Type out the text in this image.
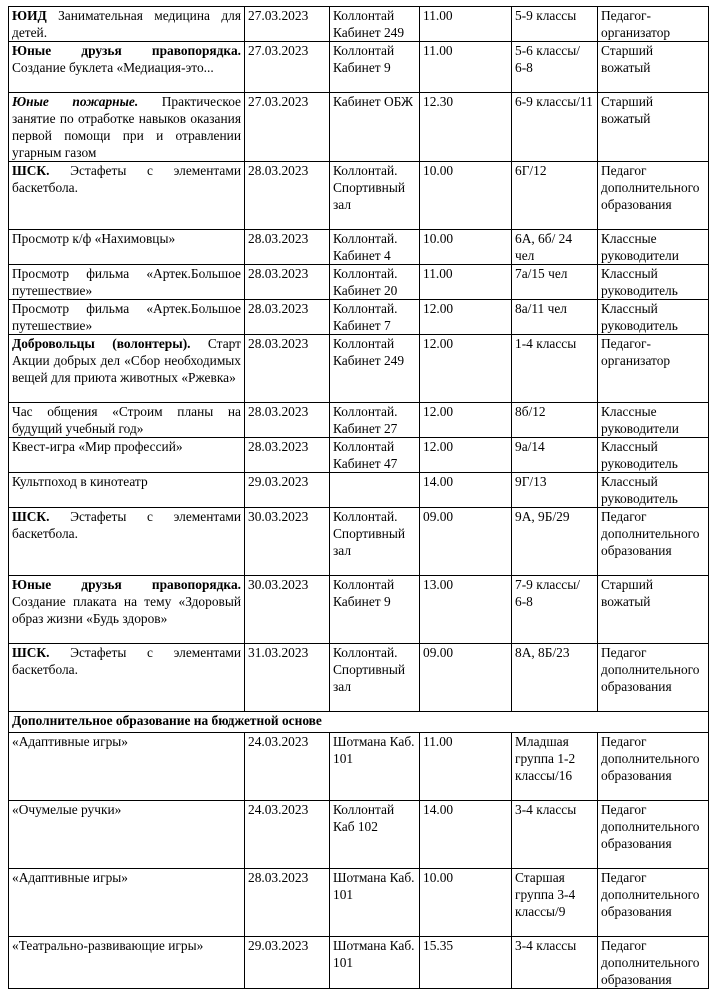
ЮИД Занимательная медицина для детей.	27.03.2023	Коллонтай Кабинет 249	11.00	5-9 классы	Педагог-организатор
Юные друзья правопорядка. Создание буклета «Медиация-это...	27.03.2023	Коллонтай Кабинет 9	11.00	5-6 классы/ 6-8	Старший вожатый
Юные пожарные. Практическое занятие по отработке навыков оказания первой помощи при и отравлении угарным газом	27.03.2023	Кабинет ОБЖ	12.30	6-9 классы/11	Старший вожатый
ШСК. Эстафеты с элементами баскетбола.	28.03.2023	Коллонтай. Спортивный зал	10.00	6Г/12	Педагог дополнительного образования
Просмотр к/ф «Нахимовцы»	28.03.2023	Коллонтай. Кабинет 4	10.00	6А, 6б/ 24 чел	Классные руководители
Просмотр фильма «Артек.Большое путешествие»	28.03.2023	Коллонтай. Кабинет 20	11.00	7а/15 чел	Классный руководитель
Просмотр фильма «Артек.Большое путешествие»	28.03.2023	Коллонтай. Кабинет 7	12.00	8а/11 чел	Классный руководитель
Добровольцы (волонтеры). Старт Акции добрых дел «Сбор необходимых вещей для приюта животных «Ржевка»	28.03.2023	Коллонтай Кабинет 249	12.00	1-4 классы	Педагог-организатор
Час общения «Строим планы на будущий учебный год»	28.03.2023	Коллонтай. Кабинет 27	12.00	8б/12	Классные руководители
Квест-игра «Мир профессий»	28.03.2023	Коллонтай Кабинет 47	12.00	9а/14	Классный руководитель
Культпоход в кинотеатр	29.03.2023		14.00	9Г/13	Классный руководитель
ШСК. Эстафеты с элементами баскетбола.	30.03.2023	Коллонтай. Спортивный зал	09.00	9А, 9Б/29	Педагог дополнительного образования
Юные друзья правопорядка. Создание плаката на тему «Здоровый образ жизни «Будь здоров»	30.03.2023	Коллонтай Кабинет 9	13.00	7-9 классы/ 6-8	Старший вожатый
ШСК. Эстафеты с элементами баскетбола.	31.03.2023	Коллонтай. Спортивный зал	09.00	8А, 8Б/23	Педагог дополнительного образования
Дополнительное образование на бюджетной основе					
«Адаптивные игры»	24.03.2023	Шотмана Каб. 101	11.00	Младшая группа 1-2 классы/16	Педагог дополнительного образования
«Очумелые ручки»	24.03.2023	Коллонтай Каб 102	14.00	3-4 классы	Педагог дополнительного образования
«Адаптивные игры»	28.03.2023	Шотмана Каб. 101	10.00	Старшая группа 3-4 классы/9	Педагог дополнительного образования
«Театрально-развивающие игры»	29.03.2023	Шотмана Каб. 101	15.35	3-4 классы	Педагог дополнительного образования
